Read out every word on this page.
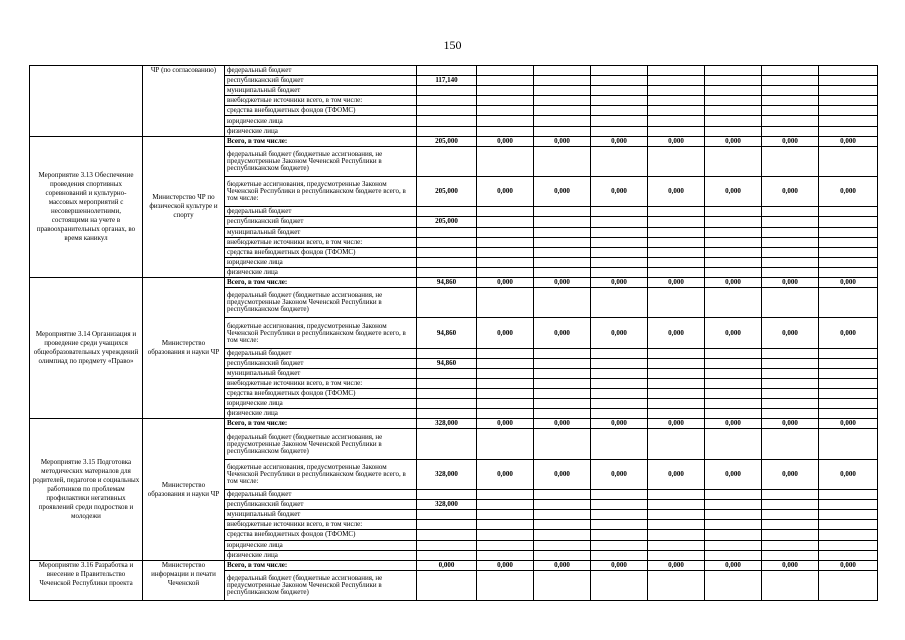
150
	ЧР (по согласованию)	федеральный бюджет								
		республиканский бюджет	117,140							
		муниципальный бюджет								
		внебюджетные источники всего, в том числе:								
		средства внебюджетных фондов (ТФОМС)								
		юридические лица								
		физические лица								
Мероприятие 3.13 Обеспечение проведения спортивных соревнований и культурно-массовых мероприятий с несовершеннолетними, состоящими на учете в правоохранительных органах, во время каникул	Министерство ЧР по физической культуре и спорту	Всего, в том числе:	205,000	0,000	0,000	0,000	0,000	0,000	0,000	0,000
		федеральный бюджет (бюджетные ассигнования, не предусмотренные Законом Чеченской Республики в республиканском бюджете)								
		бюджетные ассигнования, предусмотренные Законом Чеченской Республики в республиканском бюджете всего, в том числе:	205,000	0,000	0,000	0,000	0,000	0,000	0,000	0,000
		федеральный бюджет								
		республиканский бюджет	205,000							
		муниципальный бюджет								
		внебюджетные источники всего, в том числе:								
		средства внебюджетных фондов (ТФОМС)								
		юридические лица								
		физические лица								
Мероприятие 3.14 Организация и проведение среди учащихся общеобразовательных учреждений олимпиад по предмету «Право»	Министерство образования и науки ЧР	Всего, в том числе:	94,860	0,000	0,000	0,000	0,000	0,000	0,000	0,000
		федеральный бюджет (бюджетные ассигнования, не предусмотренные Законом Чеченской Республики в республиканском бюджете)								
		бюджетные ассигнования, предусмотренные Законом Чеченской Республики в республиканском бюджете всего, в том числе:	94,860	0,000	0,000	0,000	0,000	0,000	0,000	0,000
		федеральный бюджет								
		республиканский бюджет	94,860							
		муниципальный бюджет								
		внебюджетные источники всего, в том числе:								
		средства внебюджетных фондов (ТФОМС)								
		юридические лица								
		физические лица								
Мероприятие 3.15 Подготовка методических материалов для родителей, педагогов и социальных работников по проблемам профилактики негативных проявлений среди подростков и молодежи	Министерство образования и науки ЧР	Всего, в том числе:	328,000	0,000	0,000	0,000	0,000	0,000	0,000	0,000
		федеральный бюджет (бюджетные ассигнования, не предусмотренные Законом Чеченской Республики в республиканском бюджете)								
		бюджетные ассигнования, предусмотренные Законом Чеченской Республики в республиканском бюджете всего, в том числе:	328,000	0,000	0,000	0,000	0,000	0,000	0,000	0,000
		федеральный бюджет								
		республиканский бюджет	328,000							
		муниципальный бюджет								
		внебюджетные источники всего, в том числе:								
		средства внебюджетных фондов (ТФОМС)								
		юридические лица								
		физические лица								
Мероприятие 3.16 Разработка и внесение в Правительство Чеченской Республики проекта	Министерство информации и печати Чеченской	Всего, в том числе:	0,000	0,000	0,000	0,000	0,000	0,000	0,000	0,000
		федеральный бюджет (бюджетные ассигнования, не предусмотренные Законом Чеченской Республики в республиканском бюджете)								
